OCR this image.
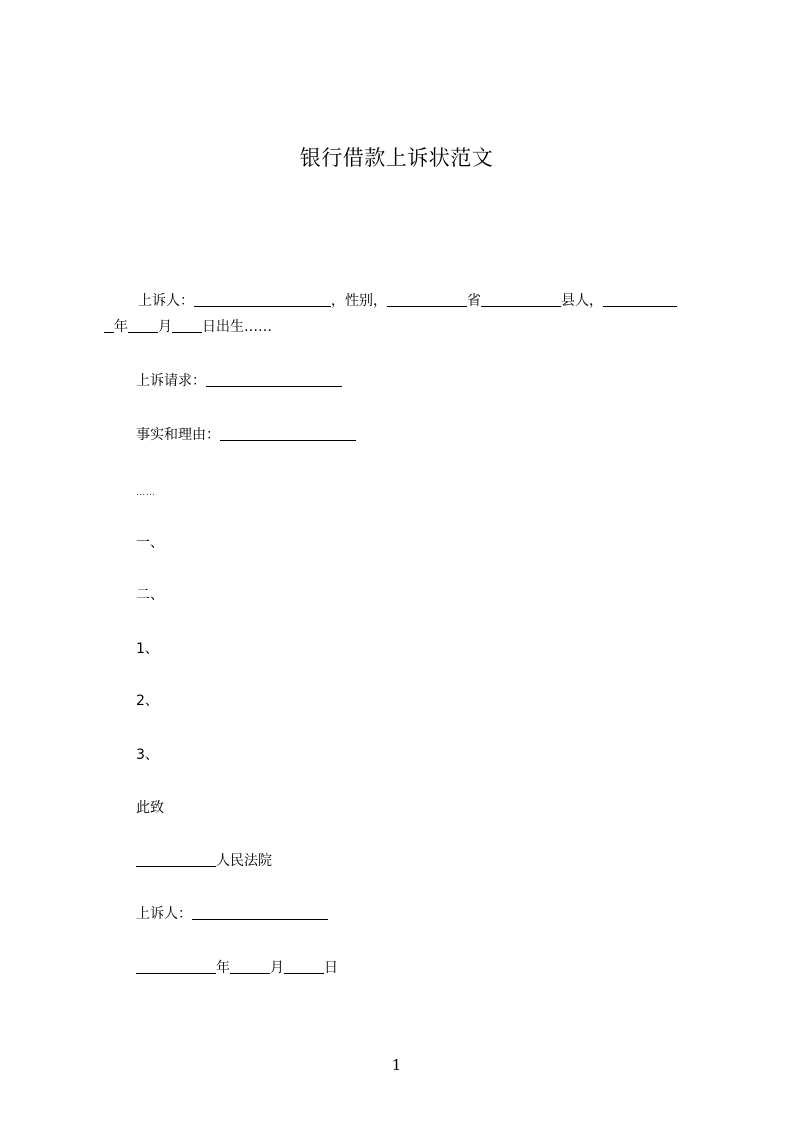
银行借款上诉状范文
上诉人：	，性别，	省	县人，
年 月 日出生……
上诉请求：
事实和理由：
……
一、
二、
1、
2、
3、
此致
人民法院
上诉人：
年	月	日
1
